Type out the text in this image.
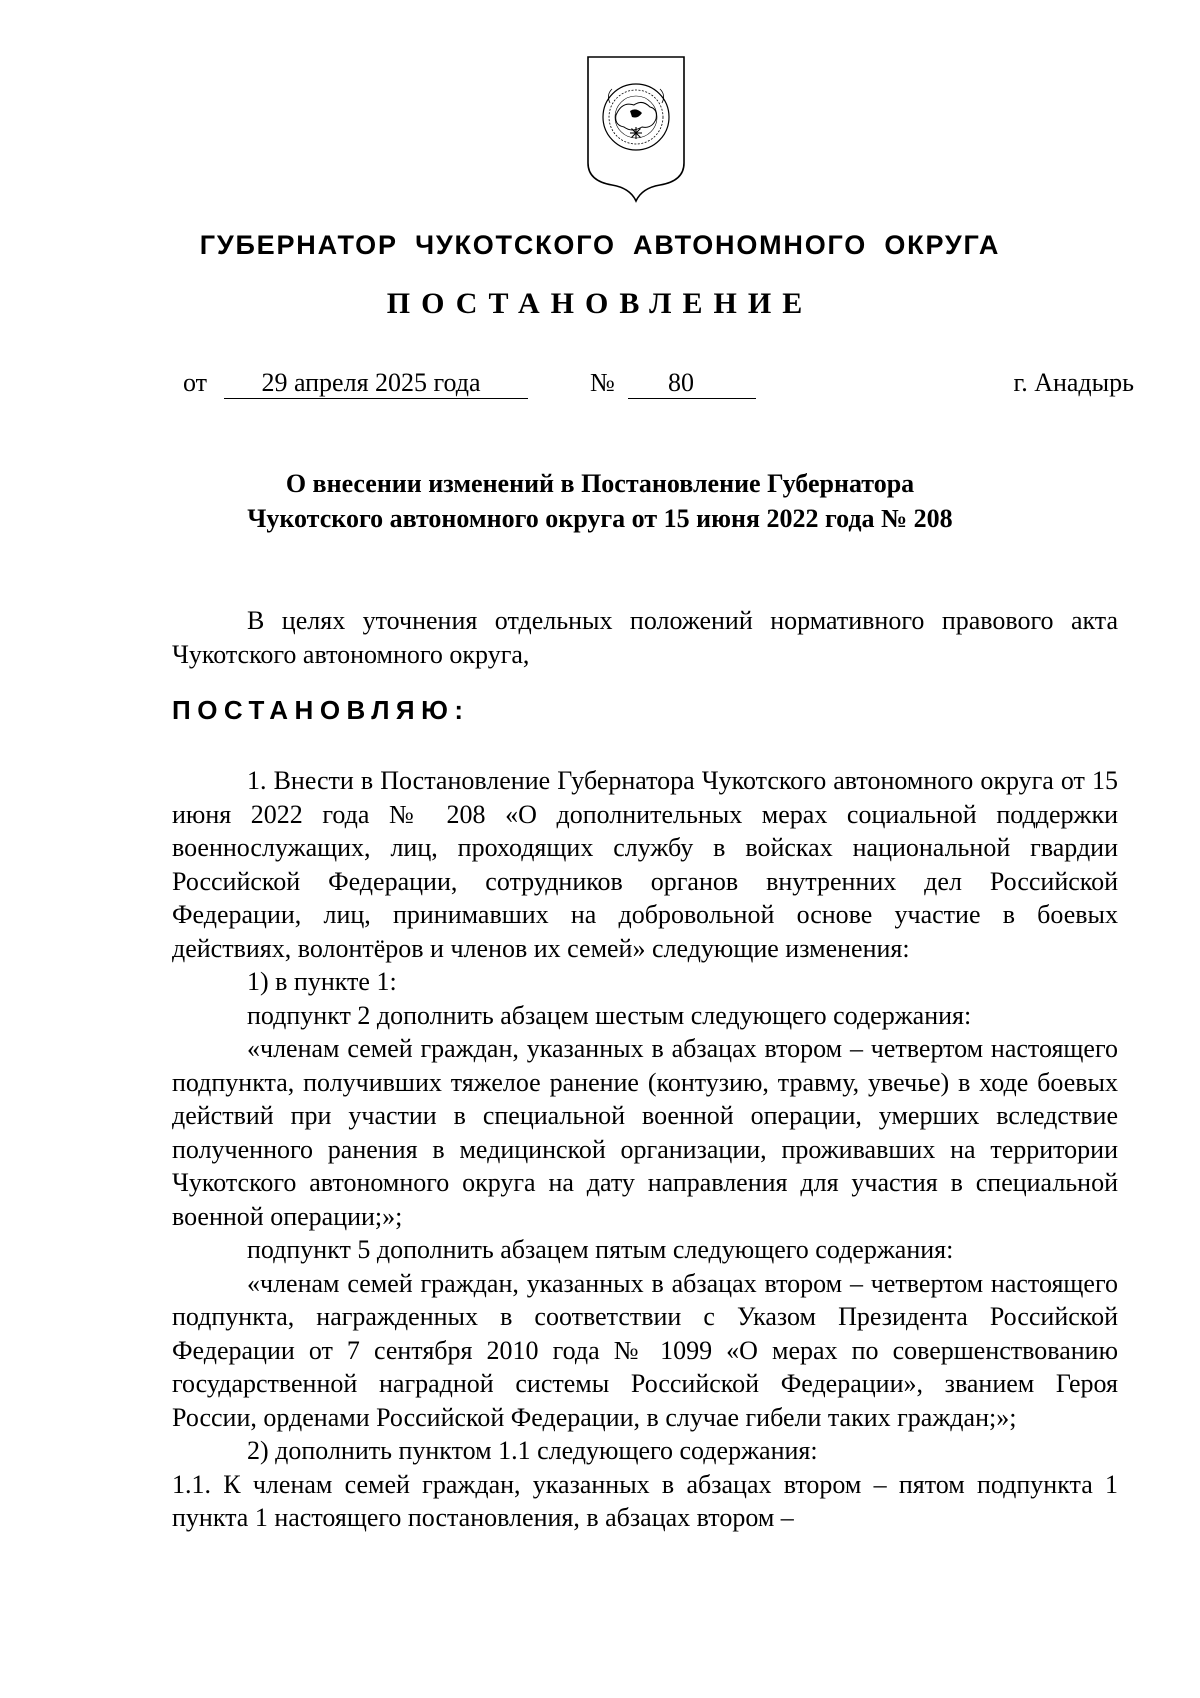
ГУБЕРНАТОР ЧУКОТСКОГО АВТОНОМНОГО ОКРУГА
ПОСТАНОВЛЕНИЕ
от	29 апреля 2025 года	№	80	г. Анадырь
О внесении изменений в Постановление Губернатора
Чукотского автономного округа от 15 июня 2022 года № 208

В целях уточнения отдельных положений нормативного правового акта Чукотского автономного округа,

ПОСТАНОВЛЯЮ:

1. Внести в Постановление Губернатора Чукотского автономного округа от 15 июня 2022 года № 208 «О дополнительных мерах социальной поддержки военнослужащих, лиц, проходящих службу в войсках национальной гвардии Российской Федерации, сотрудников органов внутренних дел Российской Федерации, лиц, принимавших на добровольной основе участие в боевых действиях, волонтёров и членов их семей» следующие изменения:

1) в пункте 1:

подпункт 2 дополнить абзацем шестым следующего содержания:

«членам семей граждан, указанных в абзацах втором – четвертом настоящего подпункта, получивших тяжелое ранение (контузию, травму, увечье) в ходе боевых действий при участии в специальной военной операции, умерших вследствие полученного ранения в медицинской организации, проживавших на территории Чукотского автономного округа на дату направления для участия в специальной военной операции;»;

подпункт 5 дополнить абзацем пятым следующего содержания:

«членам семей граждан, указанных в абзацах втором – четвертом настоящего подпункта, награжденных в соответствии с Указом Президента Российской Федерации от 7 сентября 2010 года № 1099 «О мерах по совершенствованию государственной наградной системы Российской Федерации», званием Героя России, орденами Российской Федерации, в случае гибели таких граждан;»;

2) дополнить пунктом 1.1 следующего содержания:

1.1. К членам семей граждан, указанных в абзацах втором – пятом подпункта 1 пункта 1 настоящего постановления, в абзацах втором –
